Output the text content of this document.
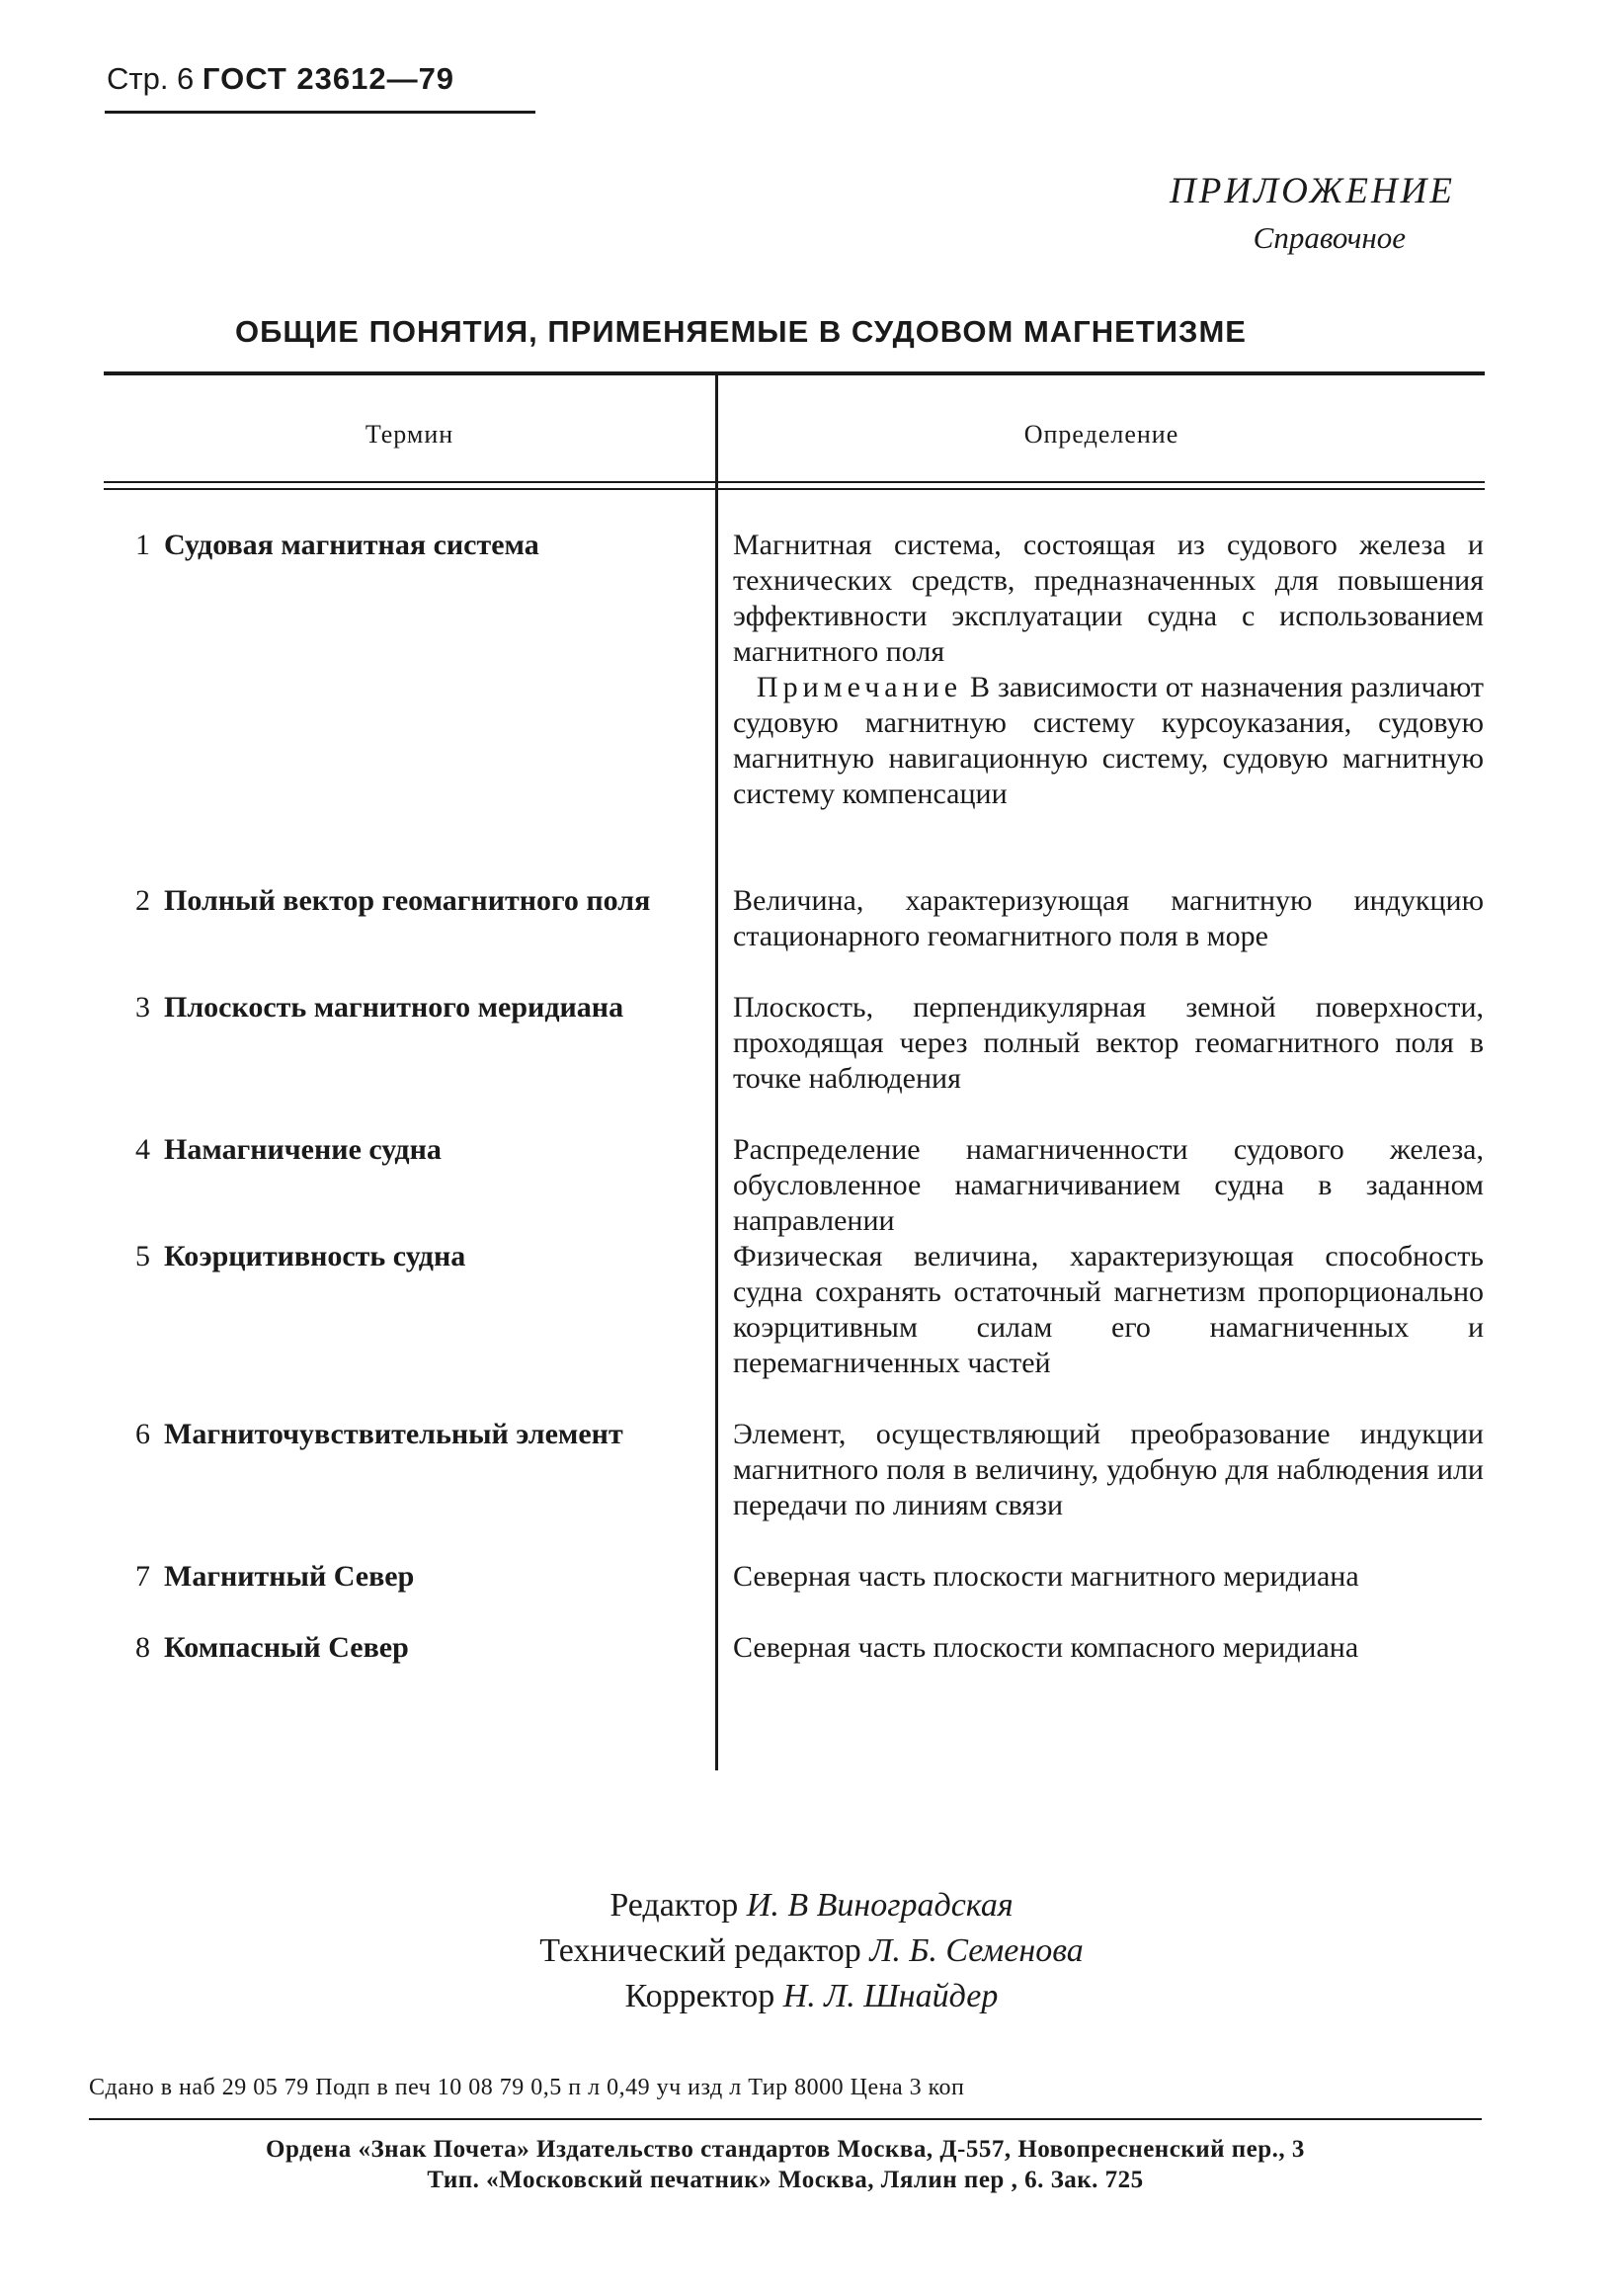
Стр. 6 ГОСТ 23612—79
ПРИЛОЖЕНИЕ
Справочное
ОБЩИЕ ПОНЯТИЯ, ПРИМЕНЯЕМЫЕ В СУДОВОМ МАГНЕТИЗМЕ
Термин	Определение
1 Судовая магнитная система
2 Полный вектор геомагнитного поля
3 Плоскость магнитного меридиана
4 Намагничение судна
5 Коэрцитивность судна
6 Магниточувствительный элемент
7 Магнитный Север
8 Компасный Север

Магнитная система, состоящая из судового железа и технических средств, предназначенных для повышения эффективности эксплуатации судна с использованием магнитного поля

Примечание В зависимости от назначения различают судовую магнитную систему курсоуказания, судовую магнитную навигационную систему, судовую магнитную систему компенсации

Величина, характеризующая магнитную индукцию стационарного геомагнитного поля в море

Плоскость, перпендикулярная земной поверхности, проходящая через полный вектор геомагнитного поля в точке наблюдения

Распределение намагниченности судового железа, обусловленное намагничиванием судна в заданном направлении

Физическая величина, характеризующая способность судна сохранять остаточный магнетизм пропорционально коэрцитивным силам его намагниченных и перемагниченных частей

Элемент, осуществляющий преобразование индукции магнитного поля в величину, удобную для наблюдения или передачи по линиям связи

Северная часть плоскости магнитного меридиана

Северная часть плоскости компасного меридиана

Редактор И. В Виноградская
Технический редактор Л. Б. Семенова
Корректор Н. Л. Шнайдер
Сдано в наб 29 05 79 Подп в печ 10 08 79 0,5 п л 0,49 уч изд л Тир 8000 Цена 3 коп
Ордена «Знак Почета» Издательство стандартов Москва, Д-557, Новопресненский пер., 3
Тип. «Московский печатник» Москва, Лялин пер , 6. Зак. 725
